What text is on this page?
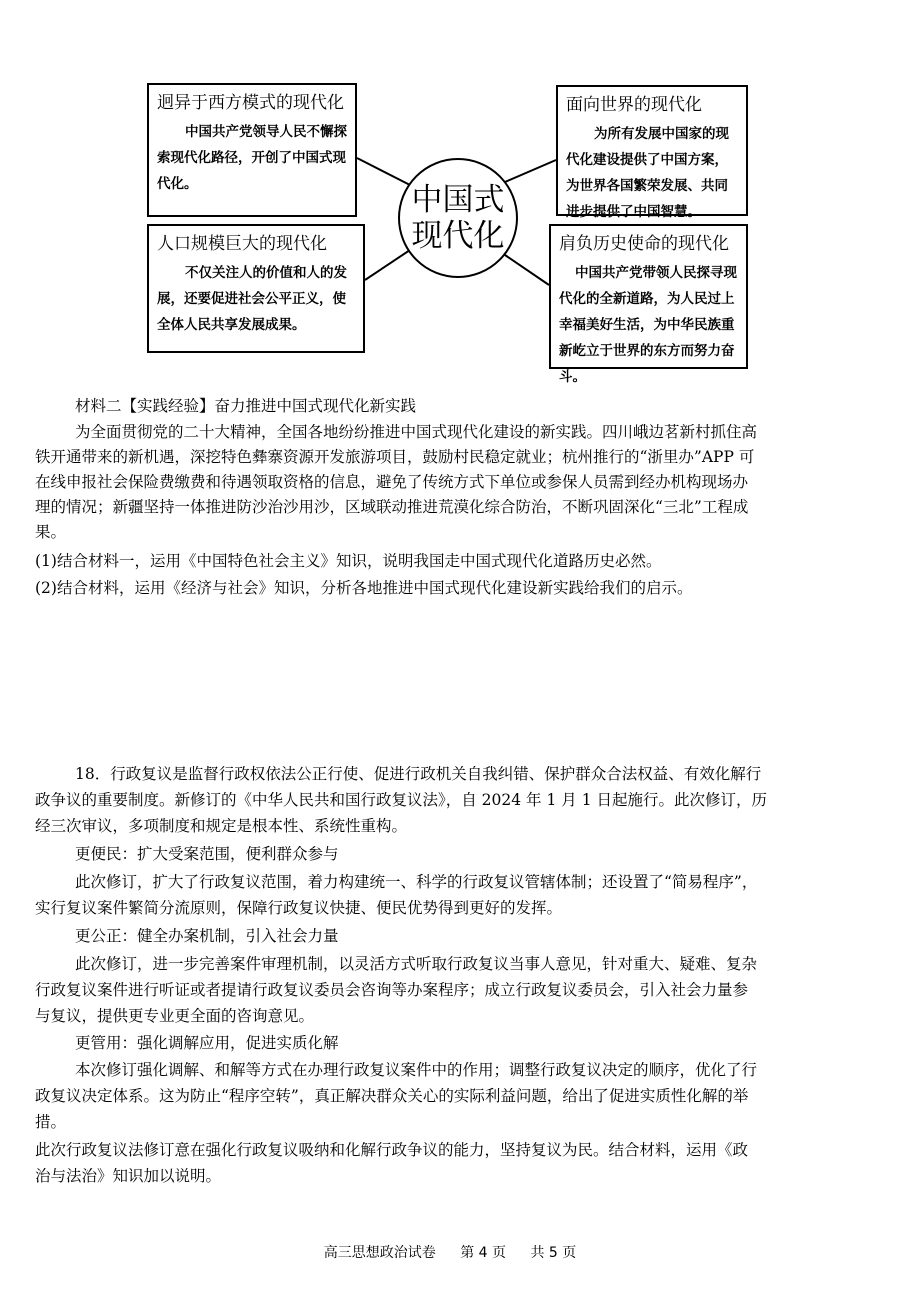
迥异于西方模式的现代化
中国共产党领导人民不懈探索现代化路径，开创了中国式现代化。
面向世界的现代化
为所有发展中国家的现代化建设提供了中国方案，为世界各国繁荣发展、共同进步提供了中国智慧。
人口规模巨大的现代化
不仅关注人的价值和人的发展，还要促进社会公平正义，使全体人民共享发展成果。
肩负历史使命的现代化
中国共产党带领人民探寻现代化的全新道路，为人民过上幸福美好生活，为中华民族重新屹立于世界的东方而努力奋斗。
中国式现代化
材料二【实践经验】奋力推进中国式现代化新实践
为全面贯彻党的二十大精神，全国各地纷纷推进中国式现代化建设的新实践。四川峨边茗新村抓住高
铁开通带来的新机遇，深挖特色彝寨资源开发旅游项目，鼓励村民稳定就业；杭州推行的“浙里办”APP 可
在线申报社会保险费缴费和待遇领取资格的信息，避免了传统方式下单位或参保人员需到经办机构现场办
理的情况；新疆坚持一体推进防沙治沙用沙，区域联动推进荒漠化综合防治，不断巩固深化“三北”工程成
果。
(1)结合材料一，运用《中国特色社会主义》知识，说明我国走中国式现代化道路历史必然。
(2)结合材料，运用《经济与社会》知识，分析各地推进中国式现代化建设新实践给我们的启示。
18．行政复议是监督行政权依法公正行使、促进行政机关自我纠错、保护群众合法权益、有效化解行
政争议的重要制度。新修订的《中华人民共和国行政复议法》，自 2024 年 1 月 1 日起施行。此次修订，历
经三次审议，多项制度和规定是根本性、系统性重构。
更便民：扩大受案范围，便利群众参与
此次修订，扩大了行政复议范围，着力构建统一、科学的行政复议管辖体制；还设置了“简易程序”，
实行复议案件繁简分流原则，保障行政复议快捷、便民优势得到更好的发挥。
更公正：健全办案机制，引入社会力量
此次修订，进一步完善案件审理机制，以灵活方式听取行政复议当事人意见，针对重大、疑难、复杂
行政复议案件进行听证或者提请行政复议委员会咨询等办案程序；成立行政复议委员会，引入社会力量参
与复议，提供更专业更全面的咨询意见。
更管用：强化调解应用，促进实质化解
本次修订强化调解、和解等方式在办理行政复议案件中的作用；调整行政复议决定的顺序，优化了行
政复议决定体系。这为防止“程序空转”，真正解决群众关心的实际利益问题，给出了促进实质性化解的举
措。
此次行政复议法修订意在强化行政复议吸纳和化解行政争议的能力，坚持复议为民。结合材料，运用《政
治与法治》知识加以说明。
高三思想政治试卷 第 4 页 共 5 页
